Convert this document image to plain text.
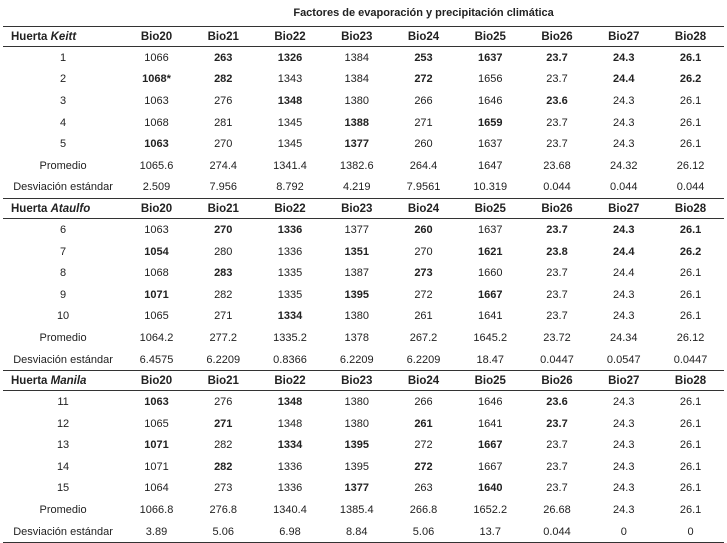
	Factores de evaporación y precipitación climática								
Huerta Keitt	Bio20	Bio21	Bio22	Bio23	Bio24	Bio25	Bio26	Bio27	Bio28
1	1066	263	1326	1384	253	1637	23.7	24.3	26.1
2	1068*	282	1343	1384	272	1656	23.7	24.4	26.2
3	1063	276	1348	1380	266	1646	23.6	24.3	26.1
4	1068	281	1345	1388	271	1659	23.7	24.3	26.1
5	1063	270	1345	1377	260	1637	23.7	24.3	26.1
Promedio	1065.6	274.4	1341.4	1382.6	264.4	1647	23.68	24.32	26.12
Desviación estándar	2.509	7.956	8.792	4.219	7.9561	10.319	0.044	0.044	0.044
Huerta Ataulfo	Bio20	Bio21	Bio22	Bio23	Bio24	Bio25	Bio26	Bio27	Bio28
6	1063	270	1336	1377	260	1637	23.7	24.3	26.1
7	1054	280	1336	1351	270	1621	23.8	24.4	26.2
8	1068	283	1335	1387	273	1660	23.7	24.4	26.1
9	1071	282	1335	1395	272	1667	23.7	24.3	26.1
10	1065	271	1334	1380	261	1641	23.7	24.3	26.1
Promedio	1064.2	277.2	1335.2	1378	267.2	1645.2	23.72	24.34	26.12
Desviación estándar	6.4575	6.2209	0.8366	6.2209	6.2209	18.47	0.0447	0.0547	0.0447
Huerta Manila	Bio20	Bio21	Bio22	Bio23	Bio24	Bio25	Bio26	Bio27	Bio28
11	1063	276	1348	1380	266	1646	23.6	24.3	26.1
12	1065	271	1348	1380	261	1641	23.7	24.3	26.1
13	1071	282	1334	1395	272	1667	23.7	24.3	26.1
14	1071	282	1336	1395	272	1667	23.7	24.3	26.1
15	1064	273	1336	1377	263	1640	23.7	24.3	26.1
Promedio	1066.8	276.8	1340.4	1385.4	266.8	1652.2	26.68	24.3	26.1
Desviación estándar	3.89	5.06	6.98	8.84	5.06	13.7	0.044	0	0
